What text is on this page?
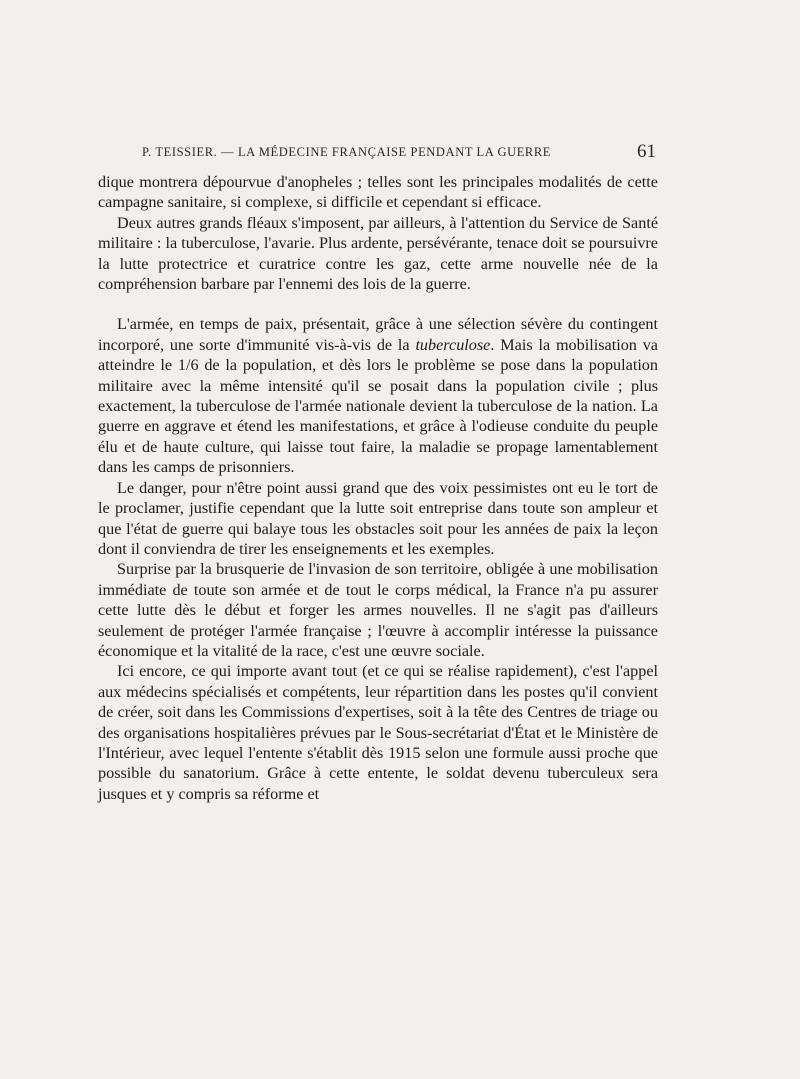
P. TEISSIER. — LA MÉDECINE FRANÇAISE PENDANT LA GUERRE	61

dique montrera dépourvue d'anopheles ; telles sont les principales modalités de cette campagne sanitaire, si complexe, si difficile et cependant si efficace.

Deux autres grands fléaux s'imposent, par ailleurs, à l'attention du Service de Santé militaire : la tuberculose, l'avarie. Plus ardente, persévérante, tenace doit se poursuivre la lutte protectrice et curatrice contre les gaz, cette arme nouvelle née de la compréhension barbare par l'ennemi des lois de la guerre.

L'armée, en temps de paix, présentait, grâce à une sélection sévère du contingent incorporé, une sorte d'immunité vis-à-vis de la tuberculose. Mais la mobilisation va atteindre le 1/6 de la population, et dès lors le problème se pose dans la population militaire avec la même intensité qu'il se posait dans la population civile ; plus exactement, la tuberculose de l'armée nationale devient la tuberculose de la nation. La guerre en aggrave et étend les manifestations, et grâce à l'odieuse conduite du peuple élu et de haute culture, qui laisse tout faire, la maladie se propage lamentablement dans les camps de prisonniers.

Le danger, pour n'être point aussi grand que des voix pessimistes ont eu le tort de le proclamer, justifie cependant que la lutte soit entreprise dans toute son ampleur et que l'état de guerre qui balaye tous les obstacles soit pour les années de paix la leçon dont il conviendra de tirer les enseignements et les exemples.

Surprise par la brusquerie de l'invasion de son territoire, obligée à une mobilisation immédiate de toute son armée et de tout le corps médical, la France n'a pu assurer cette lutte dès le début et forger les armes nouvelles. Il ne s'agit pas d'ailleurs seulement de protéger l'armée française ; l'œuvre à accomplir intéresse la puissance économique et la vitalité de la race, c'est une œuvre sociale.

Ici encore, ce qui importe avant tout (et ce qui se réalise rapidement), c'est l'appel aux médecins spécialisés et compétents, leur répartition dans les postes qu'il convient de créer, soit dans les Commissions d'expertises, soit à la tête des Centres de triage ou des organisations hospitalières prévues par le Sous-secrétariat d'État et le Ministère de l'Intérieur, avec lequel l'entente s'établit dès 1915 selon une formule aussi proche que possible du sanatorium. Grâce à cette entente, le soldat devenu tuberculeux sera jusques et y compris sa réforme et
